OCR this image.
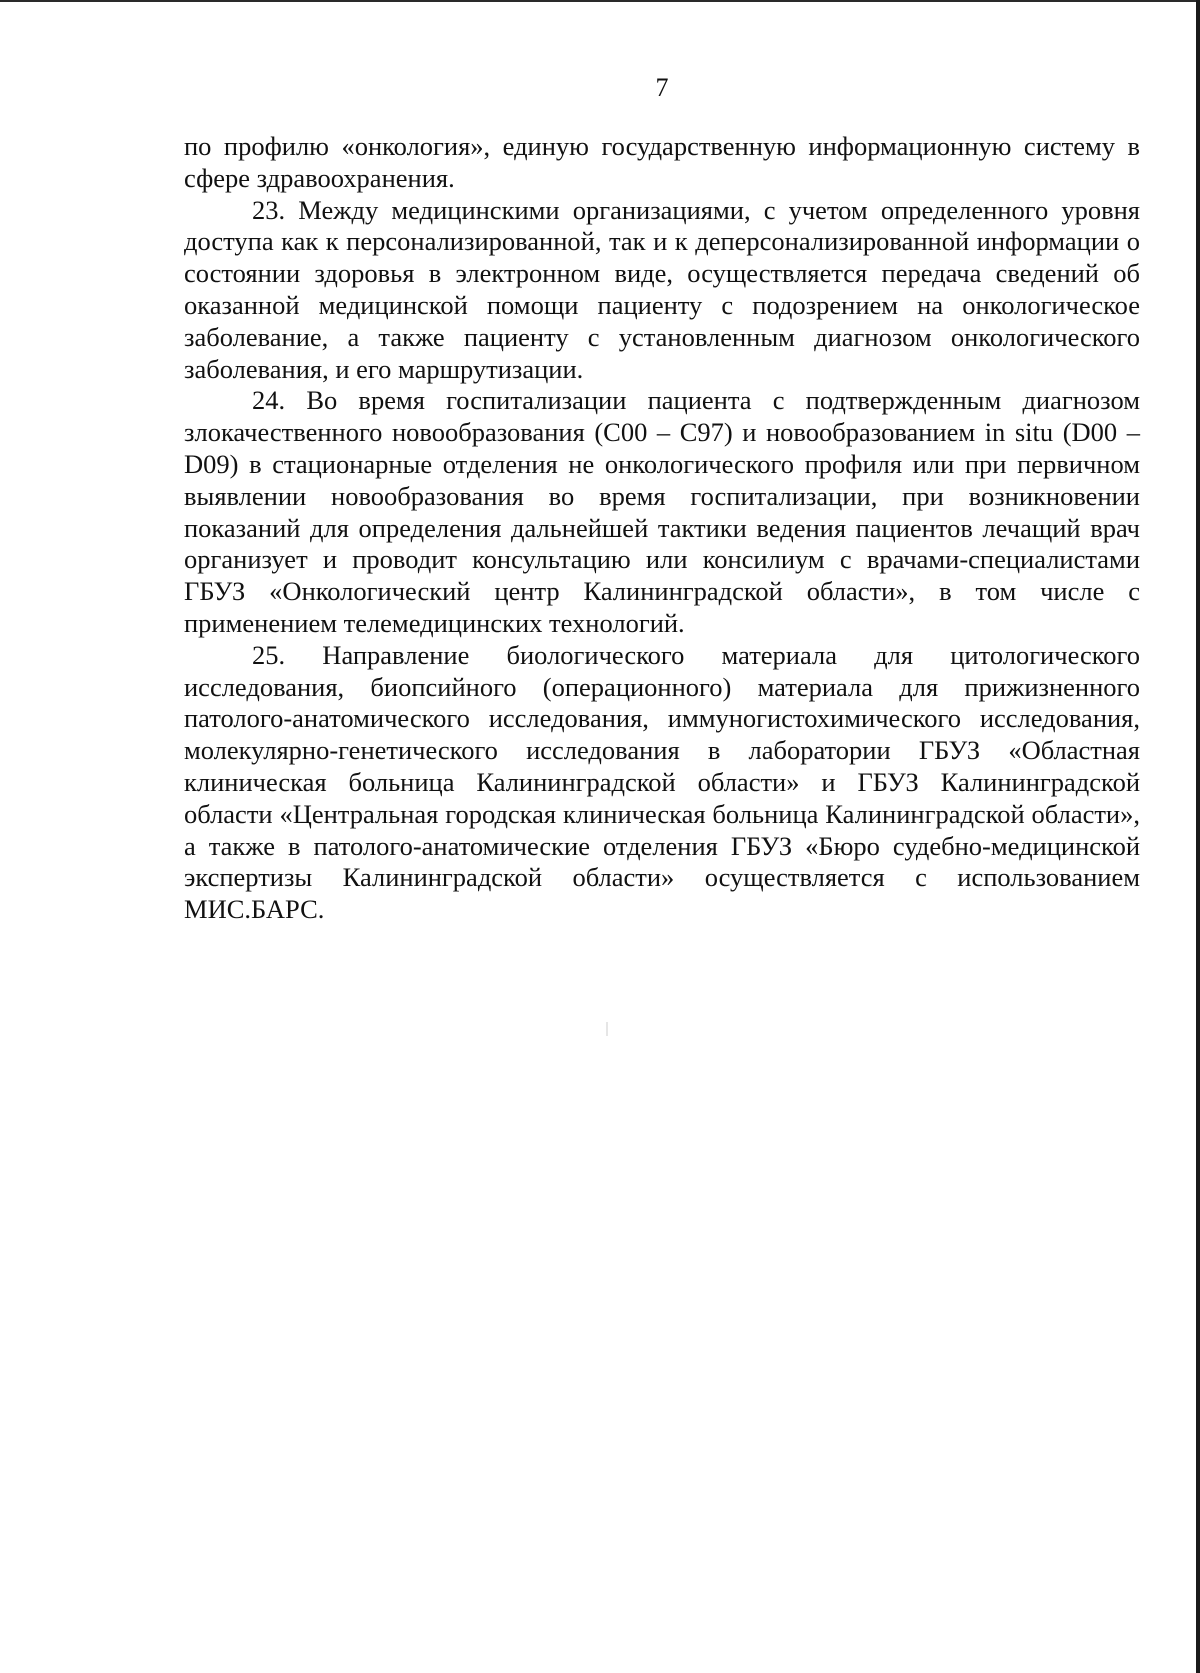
7

по профилю «онкология», единую государственную информационную систему в сфере здравоохранения.

23. Между медицинскими организациями, с учетом определенного уровня доступа как к персонализированной, так и к деперсонализированной информации о состоянии здоровья в электронном виде, осуществляется передача сведений об оказанной медицинской помощи пациенту с подозрением на онкологическое заболевание, а также пациенту с установленным диагнозом онкологического заболевания, и его маршрутизации.

24. Во время госпитализации пациента с подтвержденным диагнозом злокачественного новообразования (С00 – С97) и новообразованием in situ (D00 – D09) в стационарные отделения не онкологического профиля или при первичном выявлении новообразования во время госпитализации, при возникновении показаний для определения дальнейшей тактики ведения пациентов лечащий врач организует и проводит консультацию или консилиум с врачами-специалистами ГБУЗ «Онкологический центр Калининградской области», в том числе с применением телемедицинских технологий.

25. Направление биологического материала для цитологического исследования, биопсийного (операционного) материала для прижизненного патолого-анатомического исследования, иммуногистохимического исследования, молекулярно-генетического исследования в лаборатории ГБУЗ «Областная клиническая больница Калининградской области» и ГБУЗ Калининградской области «Центральная городская клиническая больница Калининградской области», а также в патолого-анатомические отделения ГБУЗ «Бюро судебно-медицинской экспертизы Калининградской области» осуществляется с использованием МИС.БАРС.
